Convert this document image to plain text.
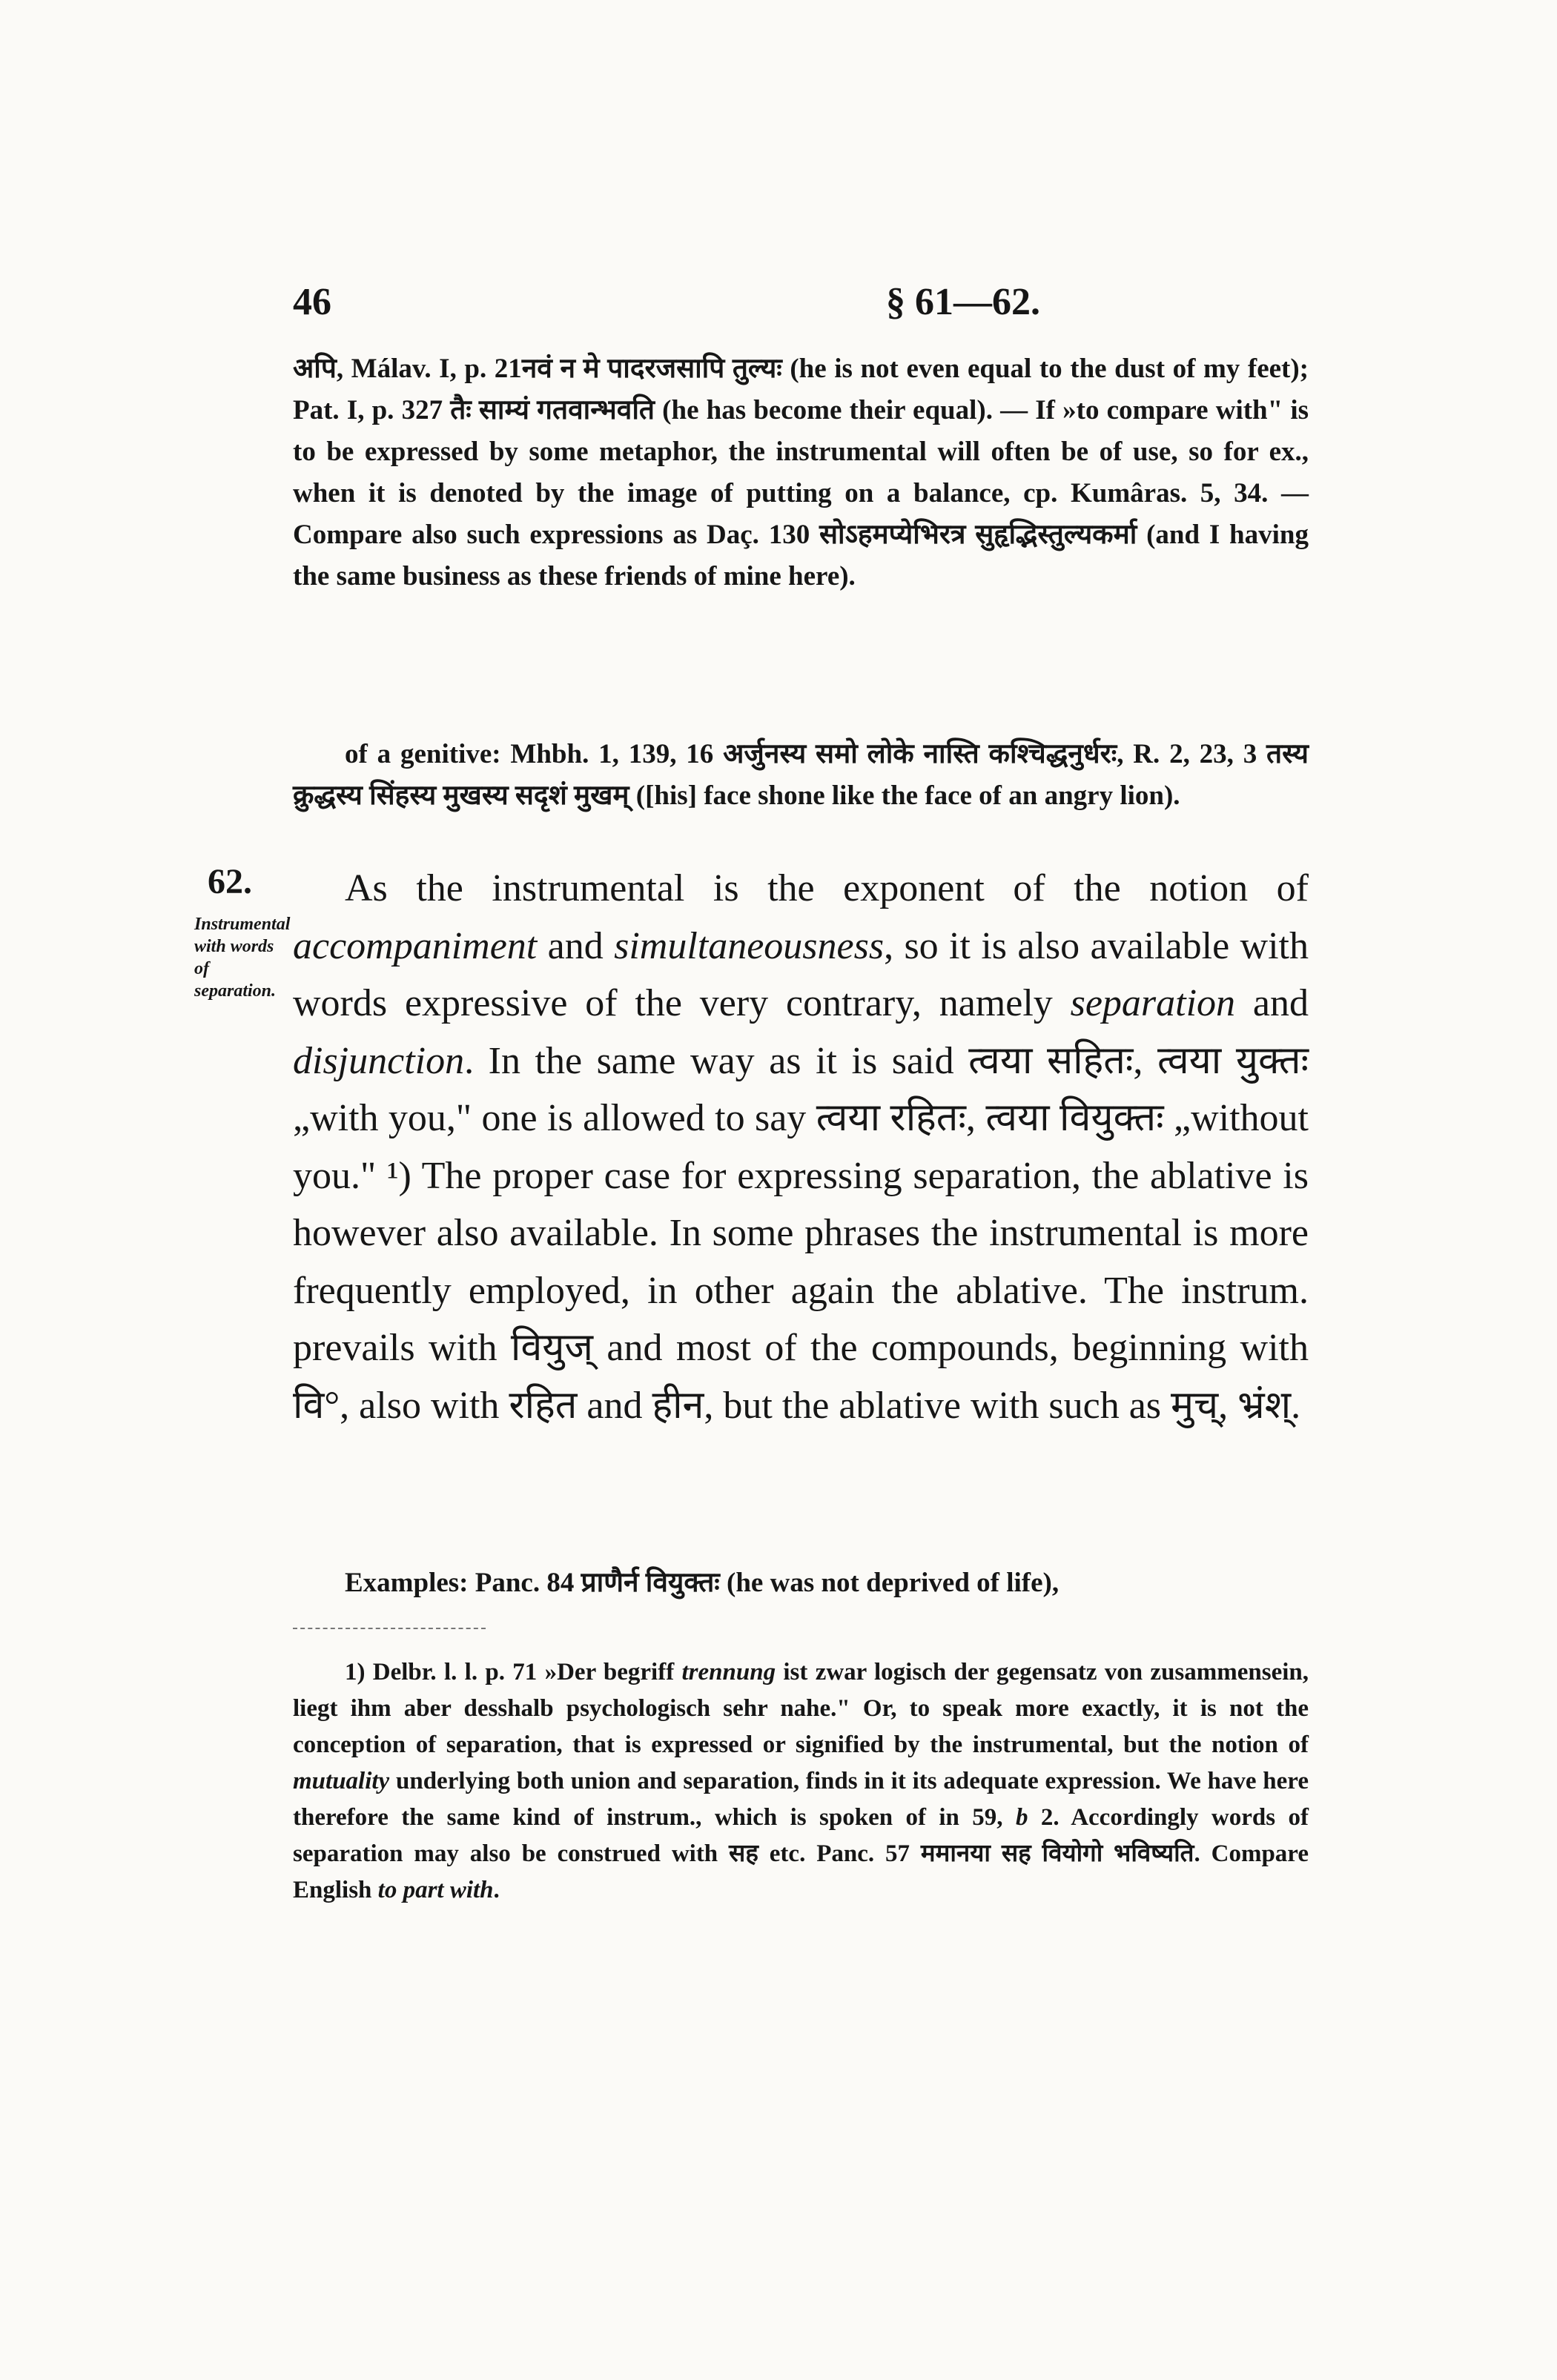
46	§ 61—62.

अपि, Málav. I, p. 21नवं न मे पादरजसापि तुल्यः (he is not even equal to the dust of my feet); Pat. I, p. 327 तैः साम्यं गतवान्भवति (he has become their equal). — If »to compare with" is to be expressed by some metaphor, the instrumental will often be of use, so for ex., when it is denoted by the image of putting on a balance, cp. Kumâras. 5, 34. — Compare also such expressions as Daç. 130 सोऽहमप्येभिरत्र सुहृद्भिस्तुल्यकर्मा (and I having the same business as these friends of mine here).

of a genitive: Mhbh. 1, 139, 16 अर्जुनस्य समो लोके नास्ति कश्चिद्धनुर्धरः, R. 2, 23, 3 तस्य क्रुद्धस्य सिंहस्य मुखस्य सदृशं मुखम् ([his] face shone like the face of an angry lion).

62.
Instrumental with words of separation.

As the instrumental is the exponent of the notion of accompaniment and simultaneousness, so it is also available with words expressive of the very contrary, namely separation and disjunction. In the same way as it is said त्वया सहितः, त्वया युक्तः „with you," one is allowed to say त्वया रहितः, त्वया वियुक्तः „without you." ¹) The proper case for expressing separation, the ablative is however also available. In some phrases the instrumental is more frequently employed, in other again the ablative. The instrum. prevails with वियुज् and most of the compounds, beginning with वि°, also with रहित and हीन, but the ablative with such as मुच्, भ्रंश्.

Examples: Panc. 84 प्राणैर्न वियुक्तः (he was not deprived of life),

1) Delbr. l. l. p. 71 »Der begriff trennung ist zwar logisch der gegensatz von zusammensein, liegt ihm aber desshalb psychologisch sehr nahe." Or, to speak more exactly, it is not the conception of separation, that is expressed or signified by the instrumental, but the notion of mutuality underlying both union and separation, finds in it its adequate expression. We have here therefore the same kind of instrum., which is spoken of in 59, b 2. Accordingly words of separation may also be construed with सह etc. Panc. 57 ममानया सह वियोगो भविष्यति. Compare English to part with.
